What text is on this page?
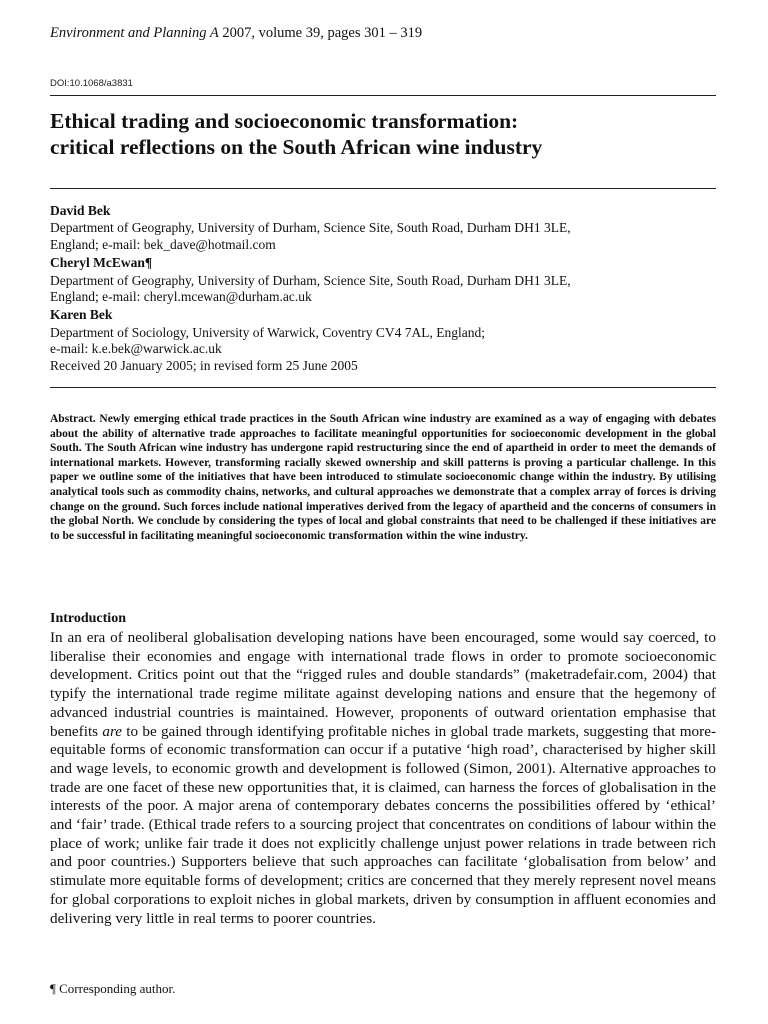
Environment and Planning A 2007, volume 39, pages 301 – 319
DOI:10.1068/a3831
Ethical trading and socioeconomic transformation:
critical reflections on the South African wine industry
David Bek
Department of Geography, University of Durham, Science Site, South Road, Durham DH1 3LE,
England; e-mail: bek_dave@hotmail.com
Cheryl McEwan¶
Department of Geography, University of Durham, Science Site, South Road, Durham DH1 3LE,
England; e-mail: cheryl.mcewan@durham.ac.uk
Karen Bek
Department of Sociology, University of Warwick, Coventry CV4 7AL, England;
e-mail: k.e.bek@warwick.ac.uk
Received 20 January 2005; in revised form 25 June 2005
Abstract. Newly emerging ethical trade practices in the South African wine industry are examined as a way of engaging with debates about the ability of alternative trade approaches to facilitate meaningful opportunities for socioeconomic development in the global South. The South African wine industry has undergone rapid restructuring since the end of apartheid in order to meet the demands of international markets. However, transforming racially skewed ownership and skill patterns is proving a particular challenge. In this paper we outline some of the initiatives that have been introduced to stimulate socioeconomic change within the industry. By utilising analytical tools such as commodity chains, networks, and cultural approaches we demonstrate that a complex array of forces is driving change on the ground. Such forces include national imperatives derived from the legacy of apartheid and the concerns of consumers in the global North. We conclude by considering the types of local and global constraints that need to be challenged if these initiatives are to be successful in facilitating meaningful socioeconomic transformation within the wine industry.
Introduction
In an era of neoliberal globalisation developing nations have been encouraged, some would say coerced, to liberalise their economies and engage with international trade flows in order to promote socioeconomic development. Critics point out that the “rigged rules and double standards” (maketradefair.com, 2004) that typify the international trade regime militate against developing nations and ensure that the hegemony of advanced industrial countries is maintained. However, proponents of outward orientation emphasise that benefits are to be gained through identifying profitable niches in global trade markets, suggesting that more-equitable forms of economic transformation can occur if a putative ‘high road’, characterised by higher skill and wage levels, to economic growth and development is followed (Simon, 2001). Alternative approaches to trade are one facet of these new opportunities that, it is claimed, can harness the forces of globalisation in the interests of the poor. A major arena of contemporary debates concerns the possibilities offered by ‘ethical’ and ‘fair’ trade. (Ethical trade refers to a sourcing project that concentrates on conditions of labour within the place of work; unlike fair trade it does not explicitly challenge unjust power relations in trade between rich and poor countries.) Supporters believe that such approaches can facilitate ‘globalisation from below’ and stimulate more equitable forms of development; critics are concerned that they merely represent novel means for global corporations to exploit niches in global markets, driven by consumption in affluent economies and delivering very little in real terms to poorer countries.
¶ Corresponding author.
